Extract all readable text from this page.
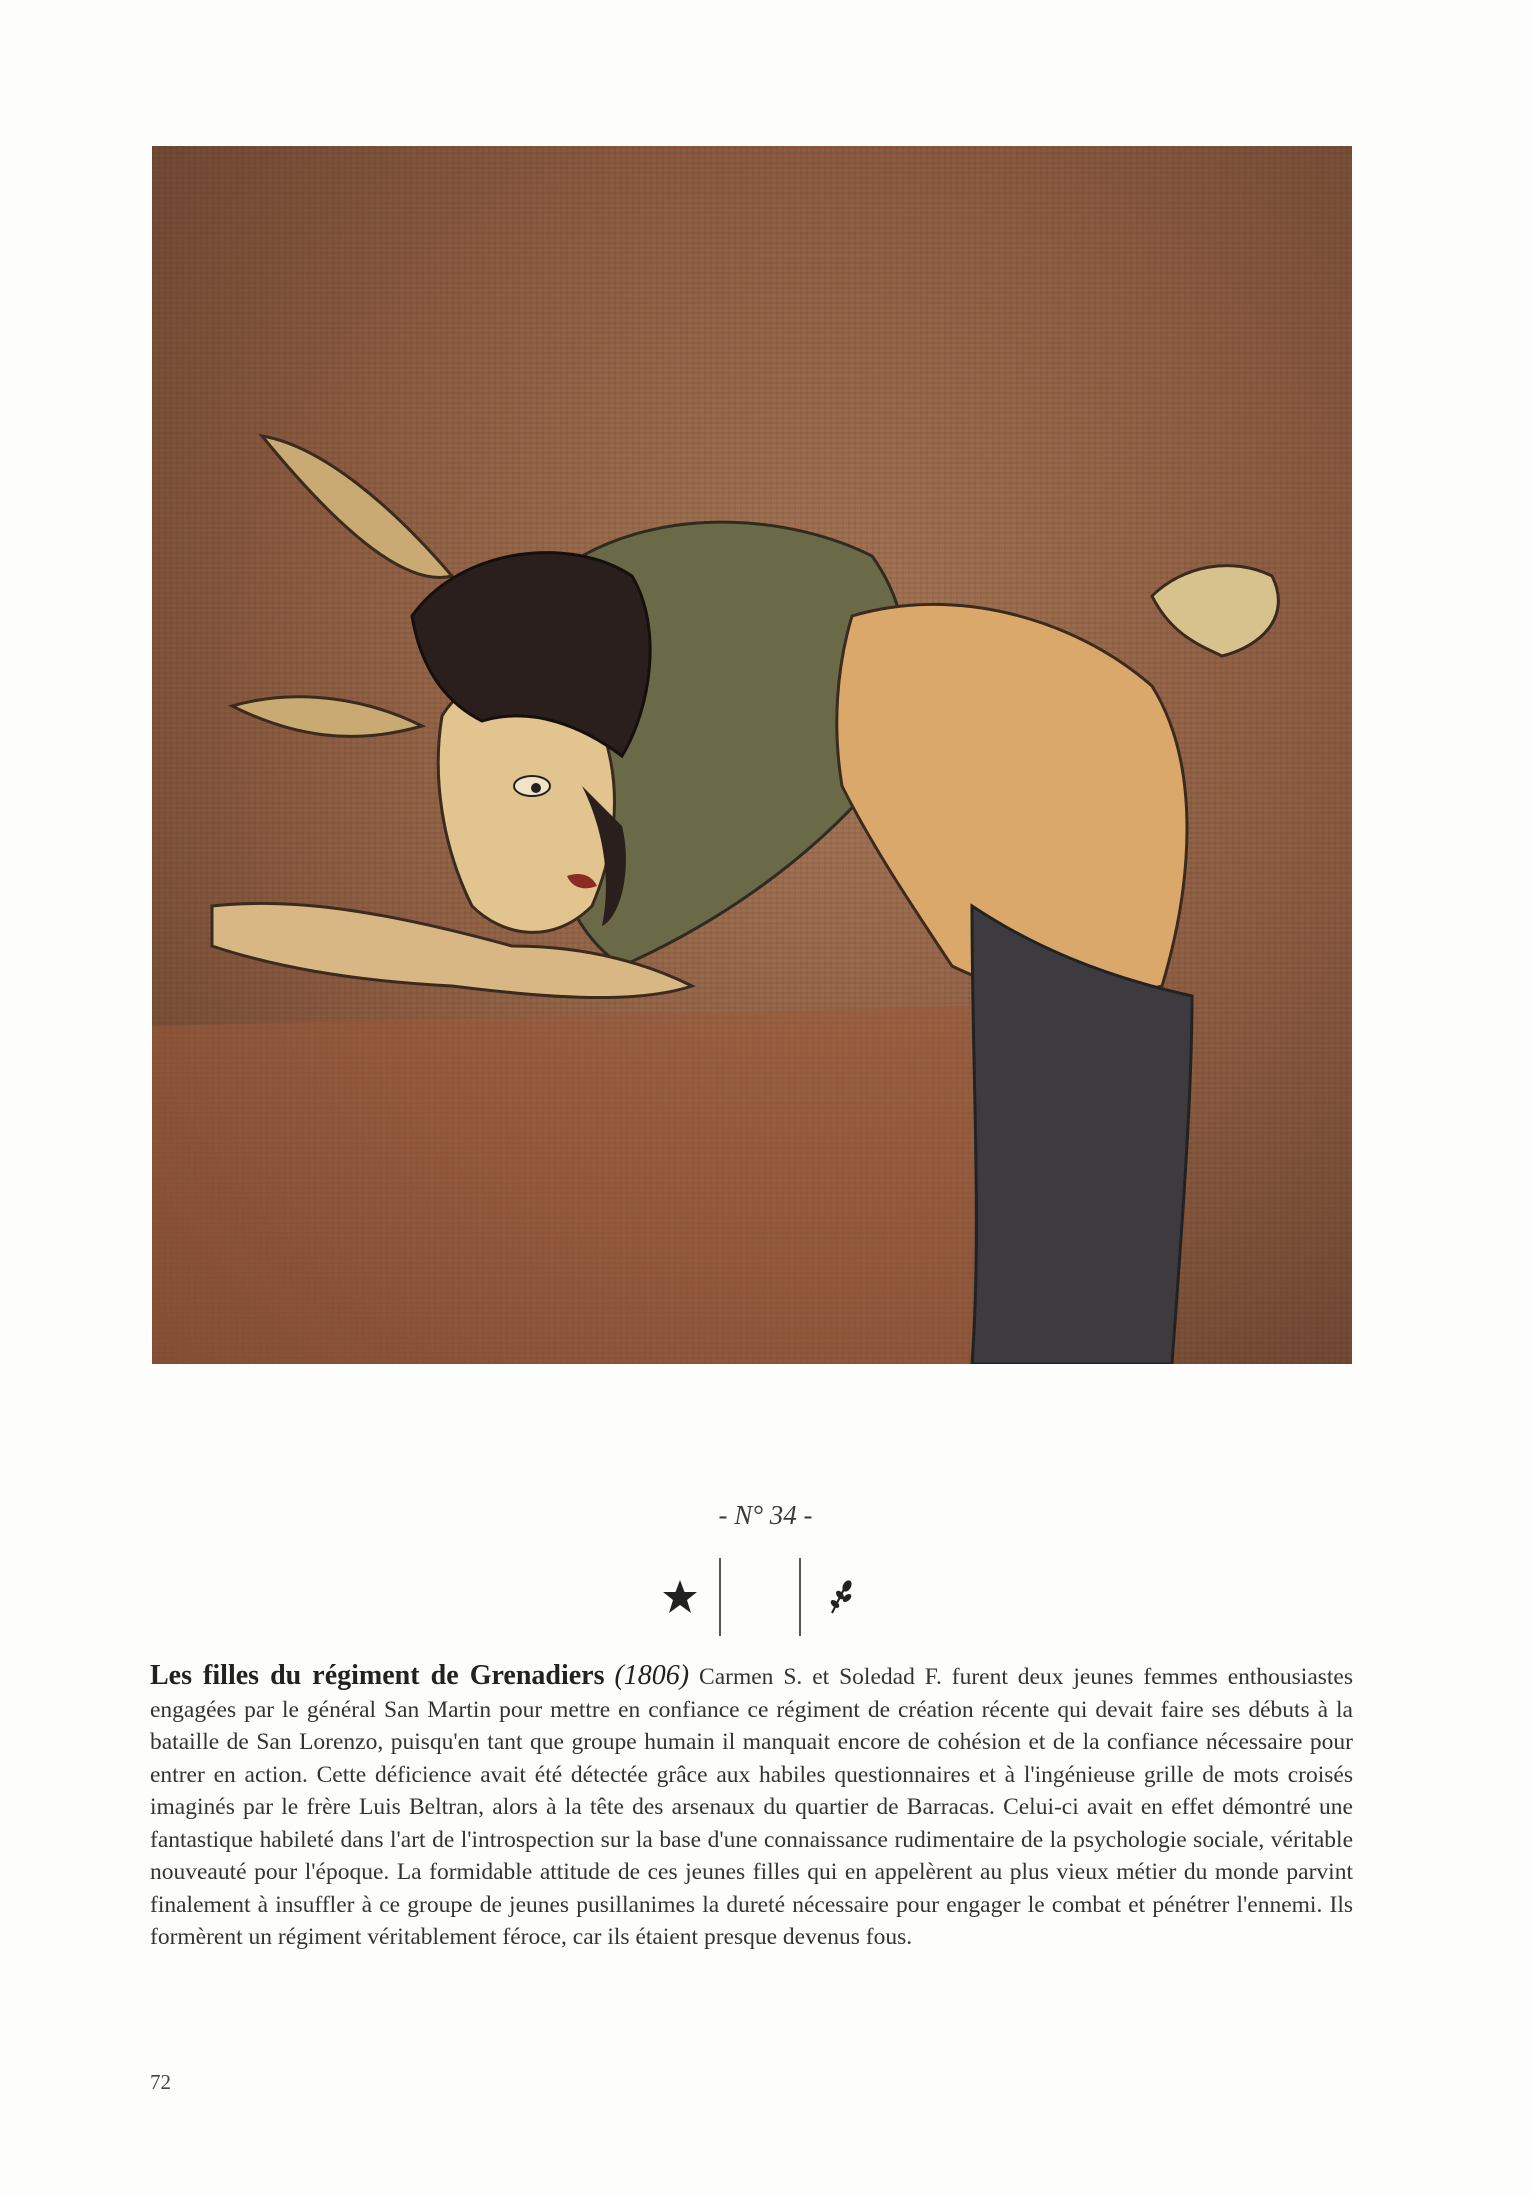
- N° 34 -
Les filles du régiment de Grenadiers (1806) Carmen S. et Soledad F. furent deux jeunes femmes enthousiastes engagées par le général San Martin pour mettre en confiance ce régiment de création récente qui devait faire ses débuts à la bataille de San Lorenzo, puisqu'en tant que groupe humain il manquait encore de cohésion et de la confiance nécessaire pour entrer en action. Cette déficience avait été détectée grâce aux habiles questionnaires et à l'ingénieuse grille de mots croisés imaginés par le frère Luis Beltran, alors à la tête des arsenaux du quartier de Barracas. Celui-ci avait en effet démontré une fantastique habileté dans l'art de l'introspection sur la base d'une connaissance rudimentaire de la psychologie sociale, véritable nouveauté pour l'époque. La formidable attitude de ces jeunes filles qui en appelèrent au plus vieux métier du monde parvint finalement à insuffler à ce groupe de jeunes pusillanimes la dureté nécessaire pour engager le combat et pénétrer l'ennemi. Ils formèrent un régiment véritablement féroce, car ils étaient presque devenus fous.
72
